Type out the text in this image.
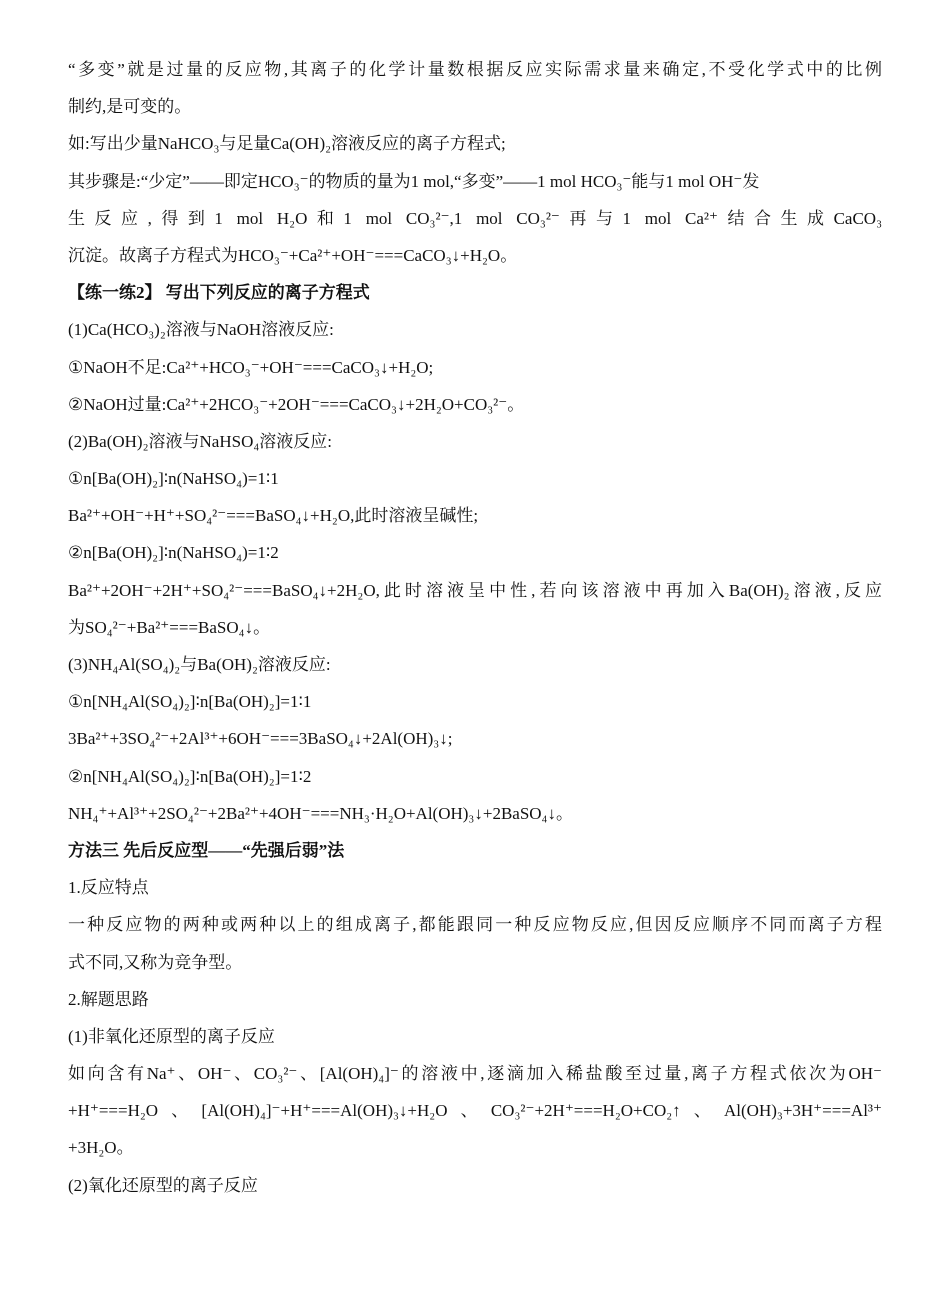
“多变”就是过量的反应物,其离子的化学计量数根据反应实际需求量来确定,不受化学式中的比例
制约,是可变的。
如:写出少量NaHCO₃与足量Ca(OH)₂溶液反应的离子方程式;
其步骤是:“少定”——即定HCO₃⁻的物质的量为1 mol,“多变”——1 mol HCO₃⁻能与1 mol OH⁻发
生反应,得到1 mol H₂O和1 mol CO₃²⁻,1 mol CO₃²⁻再与1 mol Ca²⁺结合生成CaCO₃
沉淀。故离子方程式为HCO₃⁻+Ca²⁺+OH⁻===CaCO₃↓+H₂O。
【练一练2】 写出下列反应的离子方程式
(1)Ca(HCO₃)₂溶液与NaOH溶液反应:
①NaOH不足:Ca²⁺+HCO₃⁻+OH⁻===CaCO₃↓+H₂O;
②NaOH过量:Ca²⁺+2HCO₃⁻+2OH⁻===CaCO₃↓+2H₂O+CO₃²⁻。
(2)Ba(OH)₂溶液与NaHSO₄溶液反应:
①n[Ba(OH)₂]∶n(NaHSO₄)=1∶1
Ba²⁺+OH⁻+H⁺+SO₄²⁻===BaSO₄↓+H₂O,此时溶液呈碱性;
②n[Ba(OH)₂]∶n(NaHSO₄)=1∶2
Ba²⁺+2OH⁻+2H⁺+SO₄²⁻===BaSO₄↓+2H₂O,此时溶液呈中性,若向该溶液中再加入Ba(OH)₂溶液,反应
为SO₄²⁻+Ba²⁺===BaSO₄↓。
(3)NH₄Al(SO₄)₂与Ba(OH)₂溶液反应:
①n[NH₄Al(SO₄)₂]∶n[Ba(OH)₂]=1∶1
3Ba²⁺+3SO₄²⁻+2Al³⁺+6OH⁻===3BaSO₄↓+2Al(OH)₃↓;
②n[NH₄Al(SO₄)₂]∶n[Ba(OH)₂]=1∶2
NH₄⁺+Al³⁺+2SO₄²⁻+2Ba²⁺+4OH⁻===NH₃·H₂O+Al(OH)₃↓+2BaSO₄↓。
方法三 先后反应型——“先强后弱”法
1.反应特点
一种反应物的两种或两种以上的组成离子,都能跟同一种反应物反应,但因反应顺序不同而离子方程
式不同,又称为竞争型。
2.解题思路
(1)非氧化还原型的离子反应
如向含有Na⁺、OH⁻、CO₃²⁻、[Al(OH)₄]⁻的溶液中,逐滴加入稀盐酸至过量,离子方程式依次为OH⁻
+H⁺===H₂O、[Al(OH)₄]⁻+H⁺===Al(OH)₃↓+H₂O、CO₃²⁻+2H⁺===H₂O+CO₂↑、Al(OH)₃+3H⁺===Al³⁺
+3H₂O。
(2)氧化还原型的离子反应
